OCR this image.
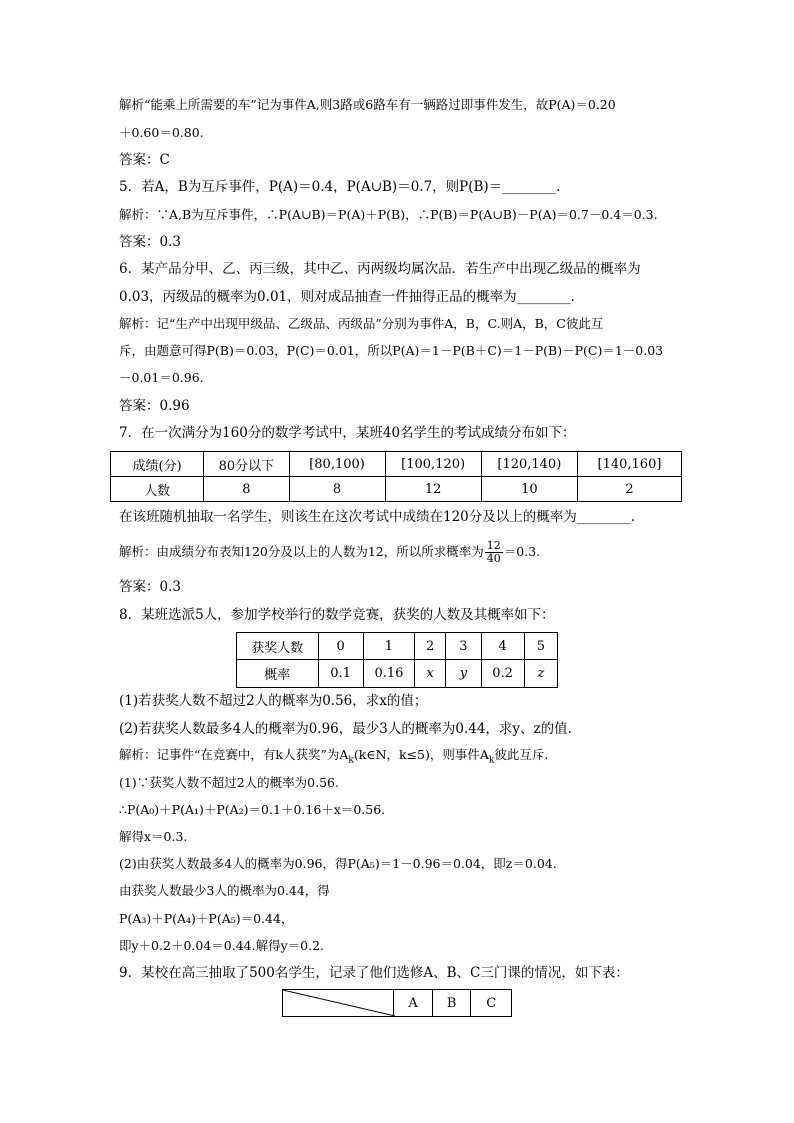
解析“能乘上所需要的车”记为事件A,则3路或6路车有一辆路过即事件发生，故P(A)＝0.20
＋0.60＝0.80.
答案：C
5．若A，B为互斥事件，P(A)＝0.4，P(A∪B)＝0.7，则P(B)＝________.
解析：∵A,B为互斥事件，∴P(A∪B)＝P(A)＋P(B)，∴P(B)＝P(A∪B)－P(A)＝0.7－0.4＝0.3.
答案：0.3
6．某产品分甲、乙、丙三级，其中乙、丙两级均属次品．若生产中出现乙级品的概率为
0.03，丙级品的概率为0.01，则对成品抽查一件抽得正品的概率为________.
解析：记“生产中出现甲级品、乙级品、丙级品”分别为事件A，B，C.则A，B，C彼此互
斥，由题意可得P(B)＝0.03，P(C)＝0.01，所以P(A)＝1－P(B＋C)＝1－P(B)－P(C)＝1－0.03
－0.01＝0.96.
答案：0.96
7．在一次满分为160分的数学考试中，某班40名学生的考试成绩分布如下：
成绩(分)	80分以下	[80,100)	[100,120)	[120,140)	[140,160]
人数	8	8	12	10	2
在该班随机抽取一名学生，则该生在这次考试中成绩在120分及以上的概率为________.
解析：由成绩分布表知120分及以上的人数为12，所以所求概率为 $\frac{12}{40} =0.3$.
答案：0.3
8．某班选派5人，参加学校举行的数学竞赛，获奖的人数及其概率如下：
获奖人数	0	1	2	3	4	5
概率	0.1	0.16	x	y	0.2	z
(1)若获奖人数不超过2人的概率为0.56，求x的值；
(2)若获奖人数最多4人的概率为0.96，最少3人的概率为0.44，求y、z的值.
解析：记事件“在竞赛中，有k人获奖”为$A_k(k\in N$，k≤5)，则事件$A_k$彼此互斥.
(1)∵获奖人数不超过2人的概率为0.56.
∴P(A₀)＋P(A₁)＋P(A₂)＝0.1＋0.16＋x＝0.56.
解得x＝0.3.
(2)由获奖人数最多4人的概率为0.96，得P(A₅)＝1－0.96＝0.04，即z＝0.04.
由获奖人数最少3人的概率为0.44，得
P(A₃)＋P(A₄)＋P(A₅)＝0.44，
即y＋0.2＋0.04＝0.44.解得y＝0.2.
9．某校在高三抽取了500名学生，记录了他们选修A、B、C三门课的情况，如下表：
	A	B	C
